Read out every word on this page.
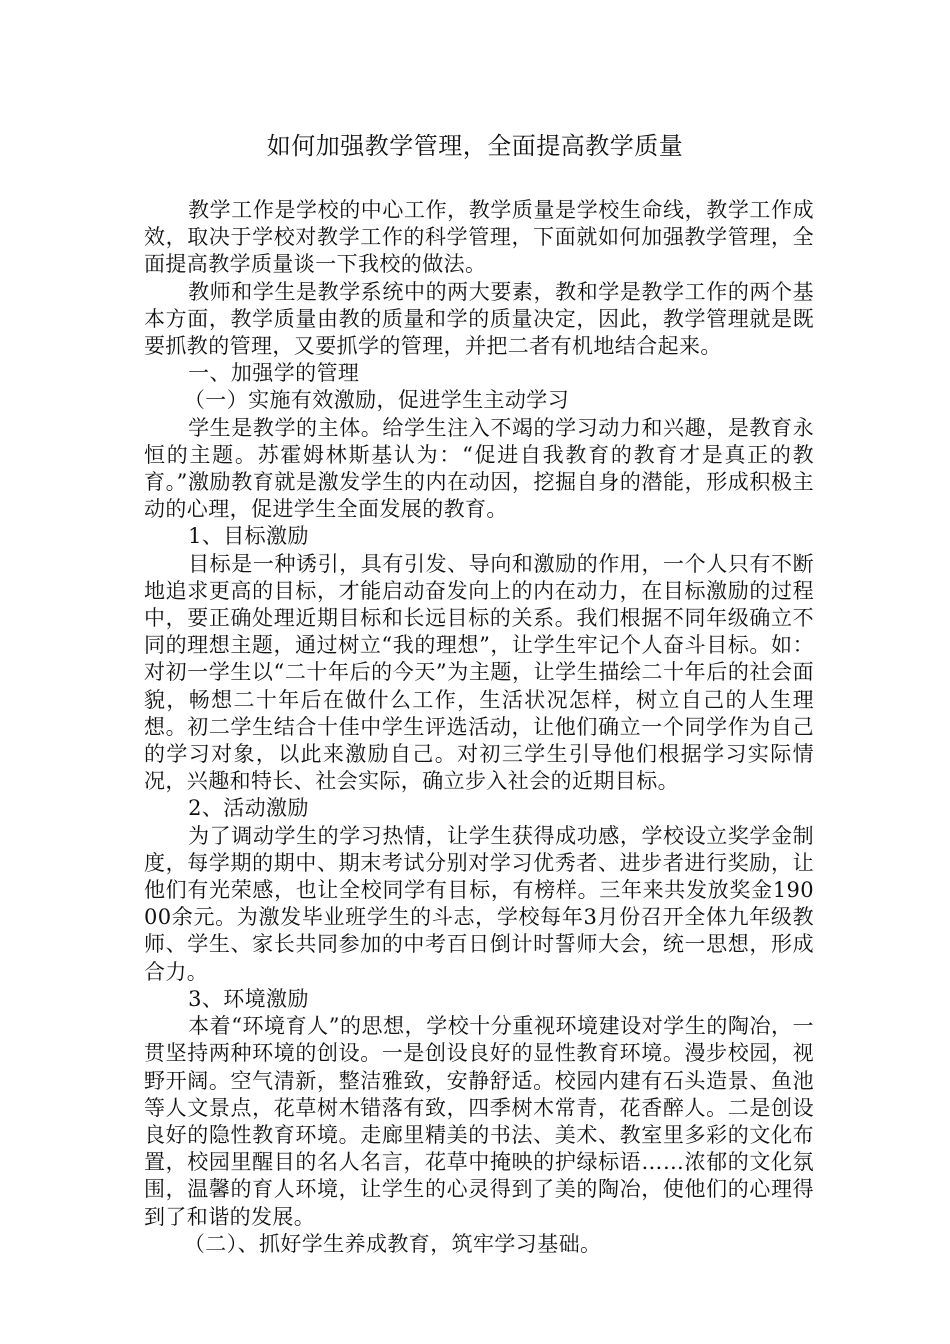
如何加强教学管理，全面提高教学质量

教学工作是学校的中心工作，教学质量是学校生命线，教学工作成效，取决于学校对教学工作的科学管理，下面就如何加强教学管理，全面提高教学质量谈一下我校的做法。

教师和学生是教学系统中的两大要素，教和学是教学工作的两个基本方面，教学质量由教的质量和学的质量决定，因此，教学管理就是既要抓教的管理，又要抓学的管理，并把二者有机地结合起来。

一、加强学的管理

（一）实施有效激励，促进学生主动学习

学生是教学的主体。给学生注入不竭的学习动力和兴趣，是教育永恒的主题。苏霍姆林斯基认为：“促进自我教育的教育才是真正的教育。”激励教育就是激发学生的内在动因，挖掘自身的潜能，形成积极主动的心理，促进学生全面发展的教育。

1、目标激励

目标是一种诱引，具有引发、导向和激励的作用，一个人只有不断地追求更高的目标，才能启动奋发向上的内在动力，在目标激励的过程中，要正确处理近期目标和长远目标的关系。我们根据不同年级确立不同的理想主题，通过树立“我的理想”，让学生牢记个人奋斗目标。如：对初一学生以“二十年后的今天”为主题，让学生描绘二十年后的社会面貌，畅想二十年后在做什么工作，生活状况怎样，树立自己的人生理想。初二学生结合十佳中学生评选活动，让他们确立一个同学作为自己的学习对象，以此来激励自己。对初三学生引导他们根据学习实际情况，兴趣和特长、社会实际，确立步入社会的近期目标。

2、活动激励

为了调动学生的学习热情，让学生获得成功感，学校设立奖学金制度，每学期的期中、期末考试分别对学习优秀者、进步者进行奖励，让他们有光荣感，也让全校同学有目标，有榜样。三年来共发放奖金19000余元。为激发毕业班学生的斗志，学校每年3月份召开全体九年级教师、学生、家长共同参加的中考百日倒计时誓师大会，统一思想，形成合力。

3、环境激励

本着“环境育人”的思想，学校十分重视环境建设对学生的陶冶，一贯坚持两种环境的创设。一是创设良好的显性教育环境。漫步校园，视野开阔。空气清新，整洁雅致，安静舒适。校园内建有石头造景、鱼池等人文景点，花草树木错落有致，四季树木常青，花香醉人。二是创设良好的隐性教育环境。走廊里精美的书法、美术、教室里多彩的文化布置，校园里醒目的名人名言，花草中掩映的护绿标语……浓郁的文化氛围，温馨的育人环境，让学生的心灵得到了美的陶冶，使他们的心理得到了和谐的发展。

（二）、抓好学生养成教育，筑牢学习基础。
